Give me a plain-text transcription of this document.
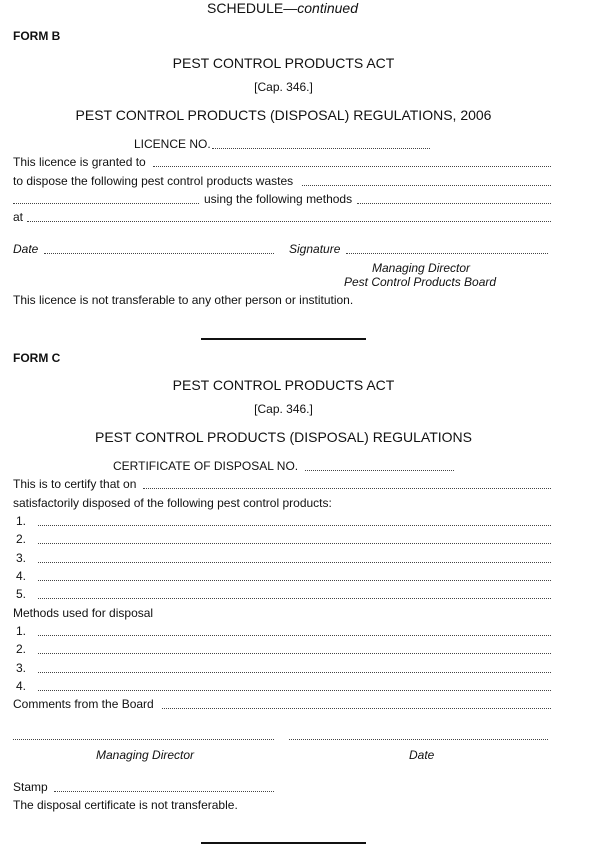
SCHEDULE—continued
FORM B
PEST CONTROL PRODUCTS ACT
[Cap. 346.]
PEST CONTROL PRODUCTS (DISPOSAL) REGULATIONS, 2006
LICENCE NO.
This licence is granted to
to dispose the following pest control products wastes
using the following methods
at
Date	Signature
Managing Director
Pest Control Products Board
This licence is not transferable to any other person or institution.
FORM C
PEST CONTROL PRODUCTS ACT
[Cap. 346.]
PEST CONTROL PRODUCTS (DISPOSAL) REGULATIONS
CERTIFICATE OF DISPOSAL NO.
This is to certify that on
satisfactorily disposed of the following pest control products:
1.
2.
3.
4.
5.
Methods used for disposal
1.
2.
3.
4.
Comments from the Board
Managing Director	Date
Stamp
The disposal certificate is not transferable.
